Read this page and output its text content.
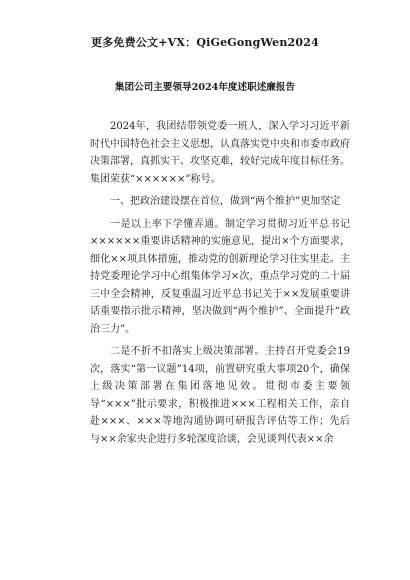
更多免费公文+VX：QiGeGongWen2024
集团公司主要领导2024年度述职述廉报告

2024年，我团结带领党委一班人，深入学习习近平新时代中国特色社会主义思想，认真落实党中央和市委市政府决策部署，真抓实干、攻坚克难，较好完成年度目标任务。集团荣获“××××××”称号。

一、把政治建设摆在首位，做到“两个维护”更加坚定

一是以上率下学懂弄通。制定学习贯彻习近平总书记××××××重要讲话精神的实施意见，提出×个方面要求，细化××项具体措施，推动党的创新理论学习往实里走。主持党委理论学习中心组集体学习×次，重点学习党的二十届三中全会精神，反复重温习近平总书记关于××发展重要讲话重要指示批示精神，坚决做到“两个维护”、全面提升“政治三力”。

二是不折不扣落实上级决策部署。主持召开党委会19次，落实“第一议题”14项，前置研究重大事项20个，确保上级决策部署在集团落地见效。贯彻市委主要领导“×××”批示要求，积极推进×××工程相关工作，亲自赴×××、×××等地沟通协调可研报告评估等工作；先后与××余家央企进行多轮深度洽谈，会见谈判代表××余
